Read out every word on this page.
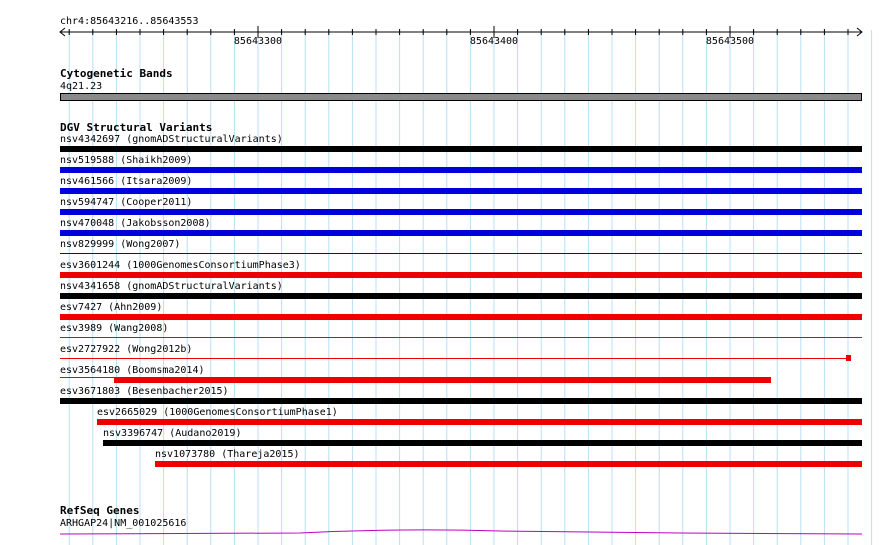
chr4:85643216..85643553
85643300	85643400	85643500
Cytogenetic Bands
4q21.23
DGV Structural Variants
nsv4342697 (gnomADStructuralVariants)
nsv519588 (Shaikh2009)
nsv461566 (Itsara2009)
nsv594747 (Cooper2011)
nsv470048 (Jakobsson2008)
nsv829999 (Wong2007)
esv3601244 (1000GenomesConsortiumPhase3)
nsv4341658 (gnomADStructuralVariants)
esv7427 (Ahn2009)
esv3989 (Wang2008)
esv2727922 (Wong2012b)
esv3564180 (Boomsma2014)
esv3671803 (Besenbacher2015)
esv2665029 (1000GenomesConsortiumPhase1)
nsv3396747 (Audano2019)
nsv1073780 (Thareja2015)
RefSeq Genes
ARHGAP24|NM_001025616
